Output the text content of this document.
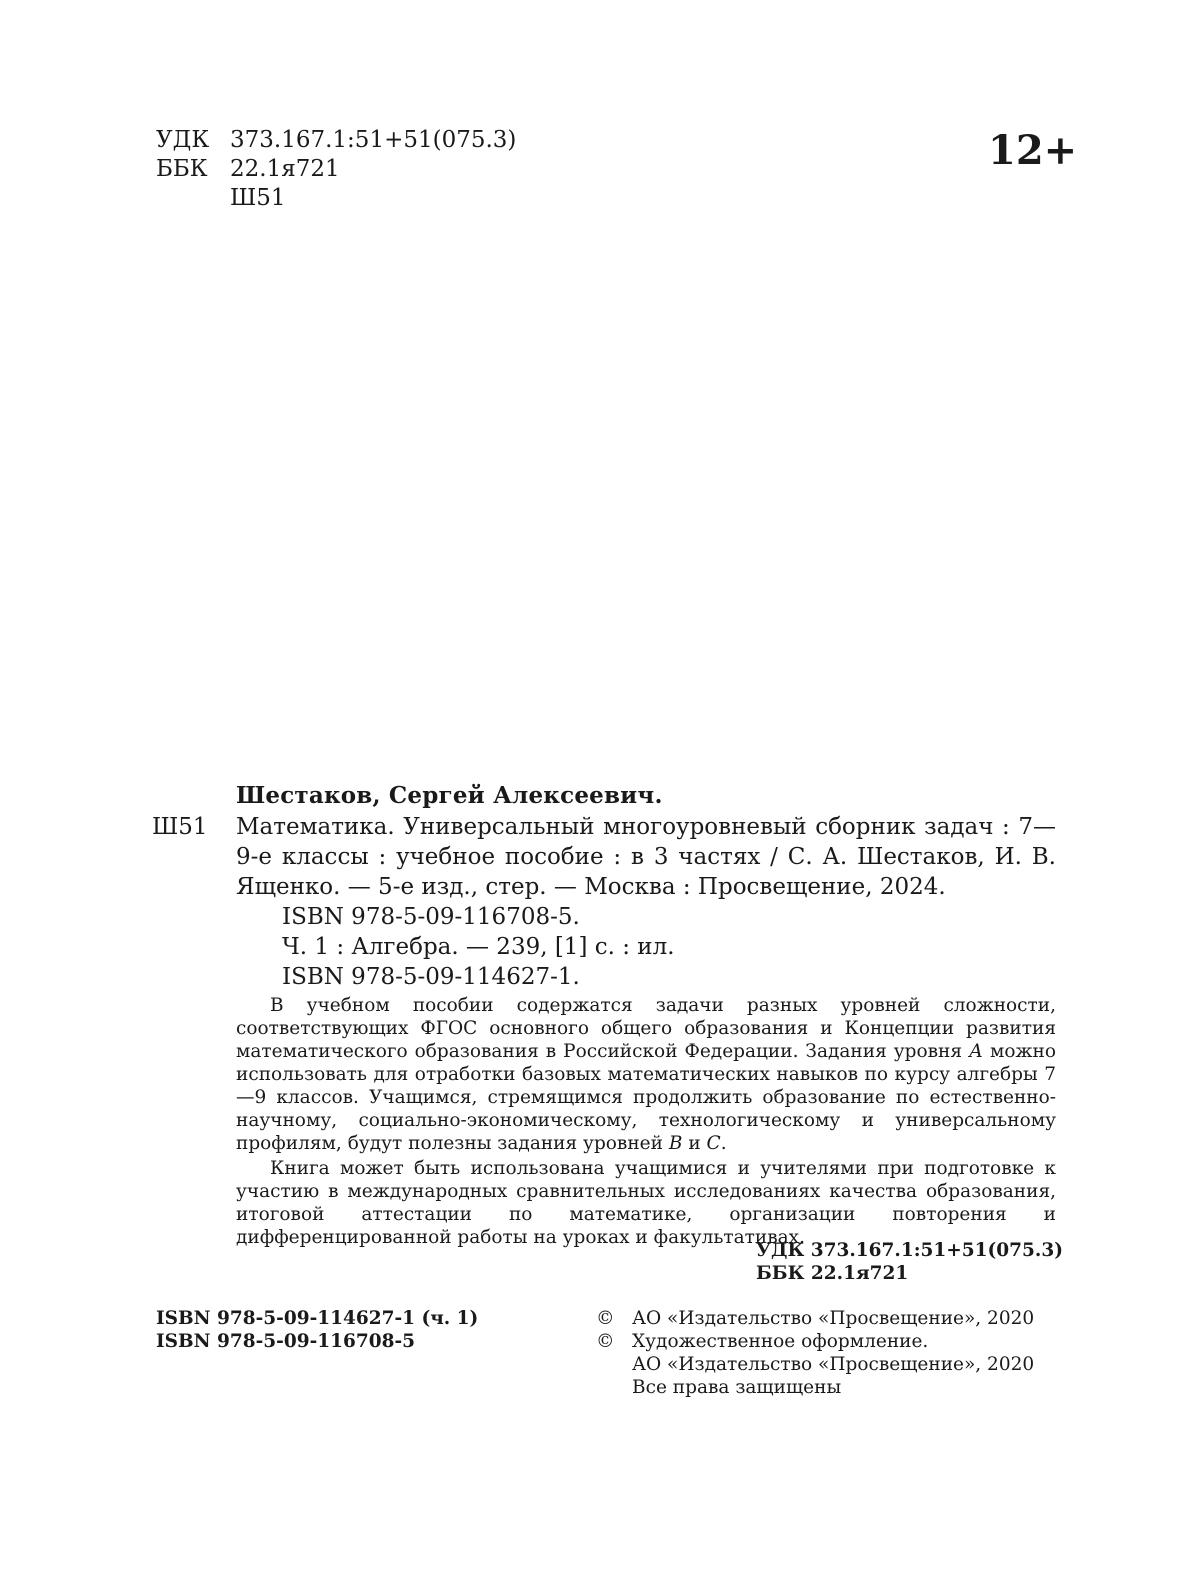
УДК 373.167.1:51+51(075.3)
ББК 22.1я721
Ш51
12+
Шестаков, Сергей Алексеевич.
Ш51 Математика. Универсальный многоуровневый сборник задач : 7—9-е классы : учебное пособие : в 3 частях / С. А. Шестаков, И. В. Ященко. — 5-е изд., стер. — Москва : Просвещение, 2024.
ISBN 978-5-09-116708-5.
Ч. 1 : Алгебра. — 239, [1] с. : ил.
ISBN 978-5-09-114627-1.
В учебном пособии содержатся задачи разных уровней сложности, соответствующих ФГОС основного общего образования и Концепции развития математического образования в Российской Федерации. Задания уровня А можно использовать для отработки базовых математических навыков по курсу алгебры 7—9 классов. Учащимся, стремящимся продолжить образование по естественно-научному, социально-экономическому, технологическому и универсальному профилям, будут полезны задания уровней B и C.
Книга может быть использована учащимися и учителями при подготовке к участию в международных сравнительных исследованиях качества образования, итоговой аттестации по математике, организации повторения и дифференцированной работы на уроках и факультативах.
УДК 373.167.1:51+51(075.3)
ББК 22.1я721
ISBN 978-5-09-114627-1 (ч. 1)
ISBN 978-5-09-116708-5
© АО «Издательство «Просвещение», 2020
© Художественное оформление.
АО «Издательство «Просвещение», 2020
Все права защищены
